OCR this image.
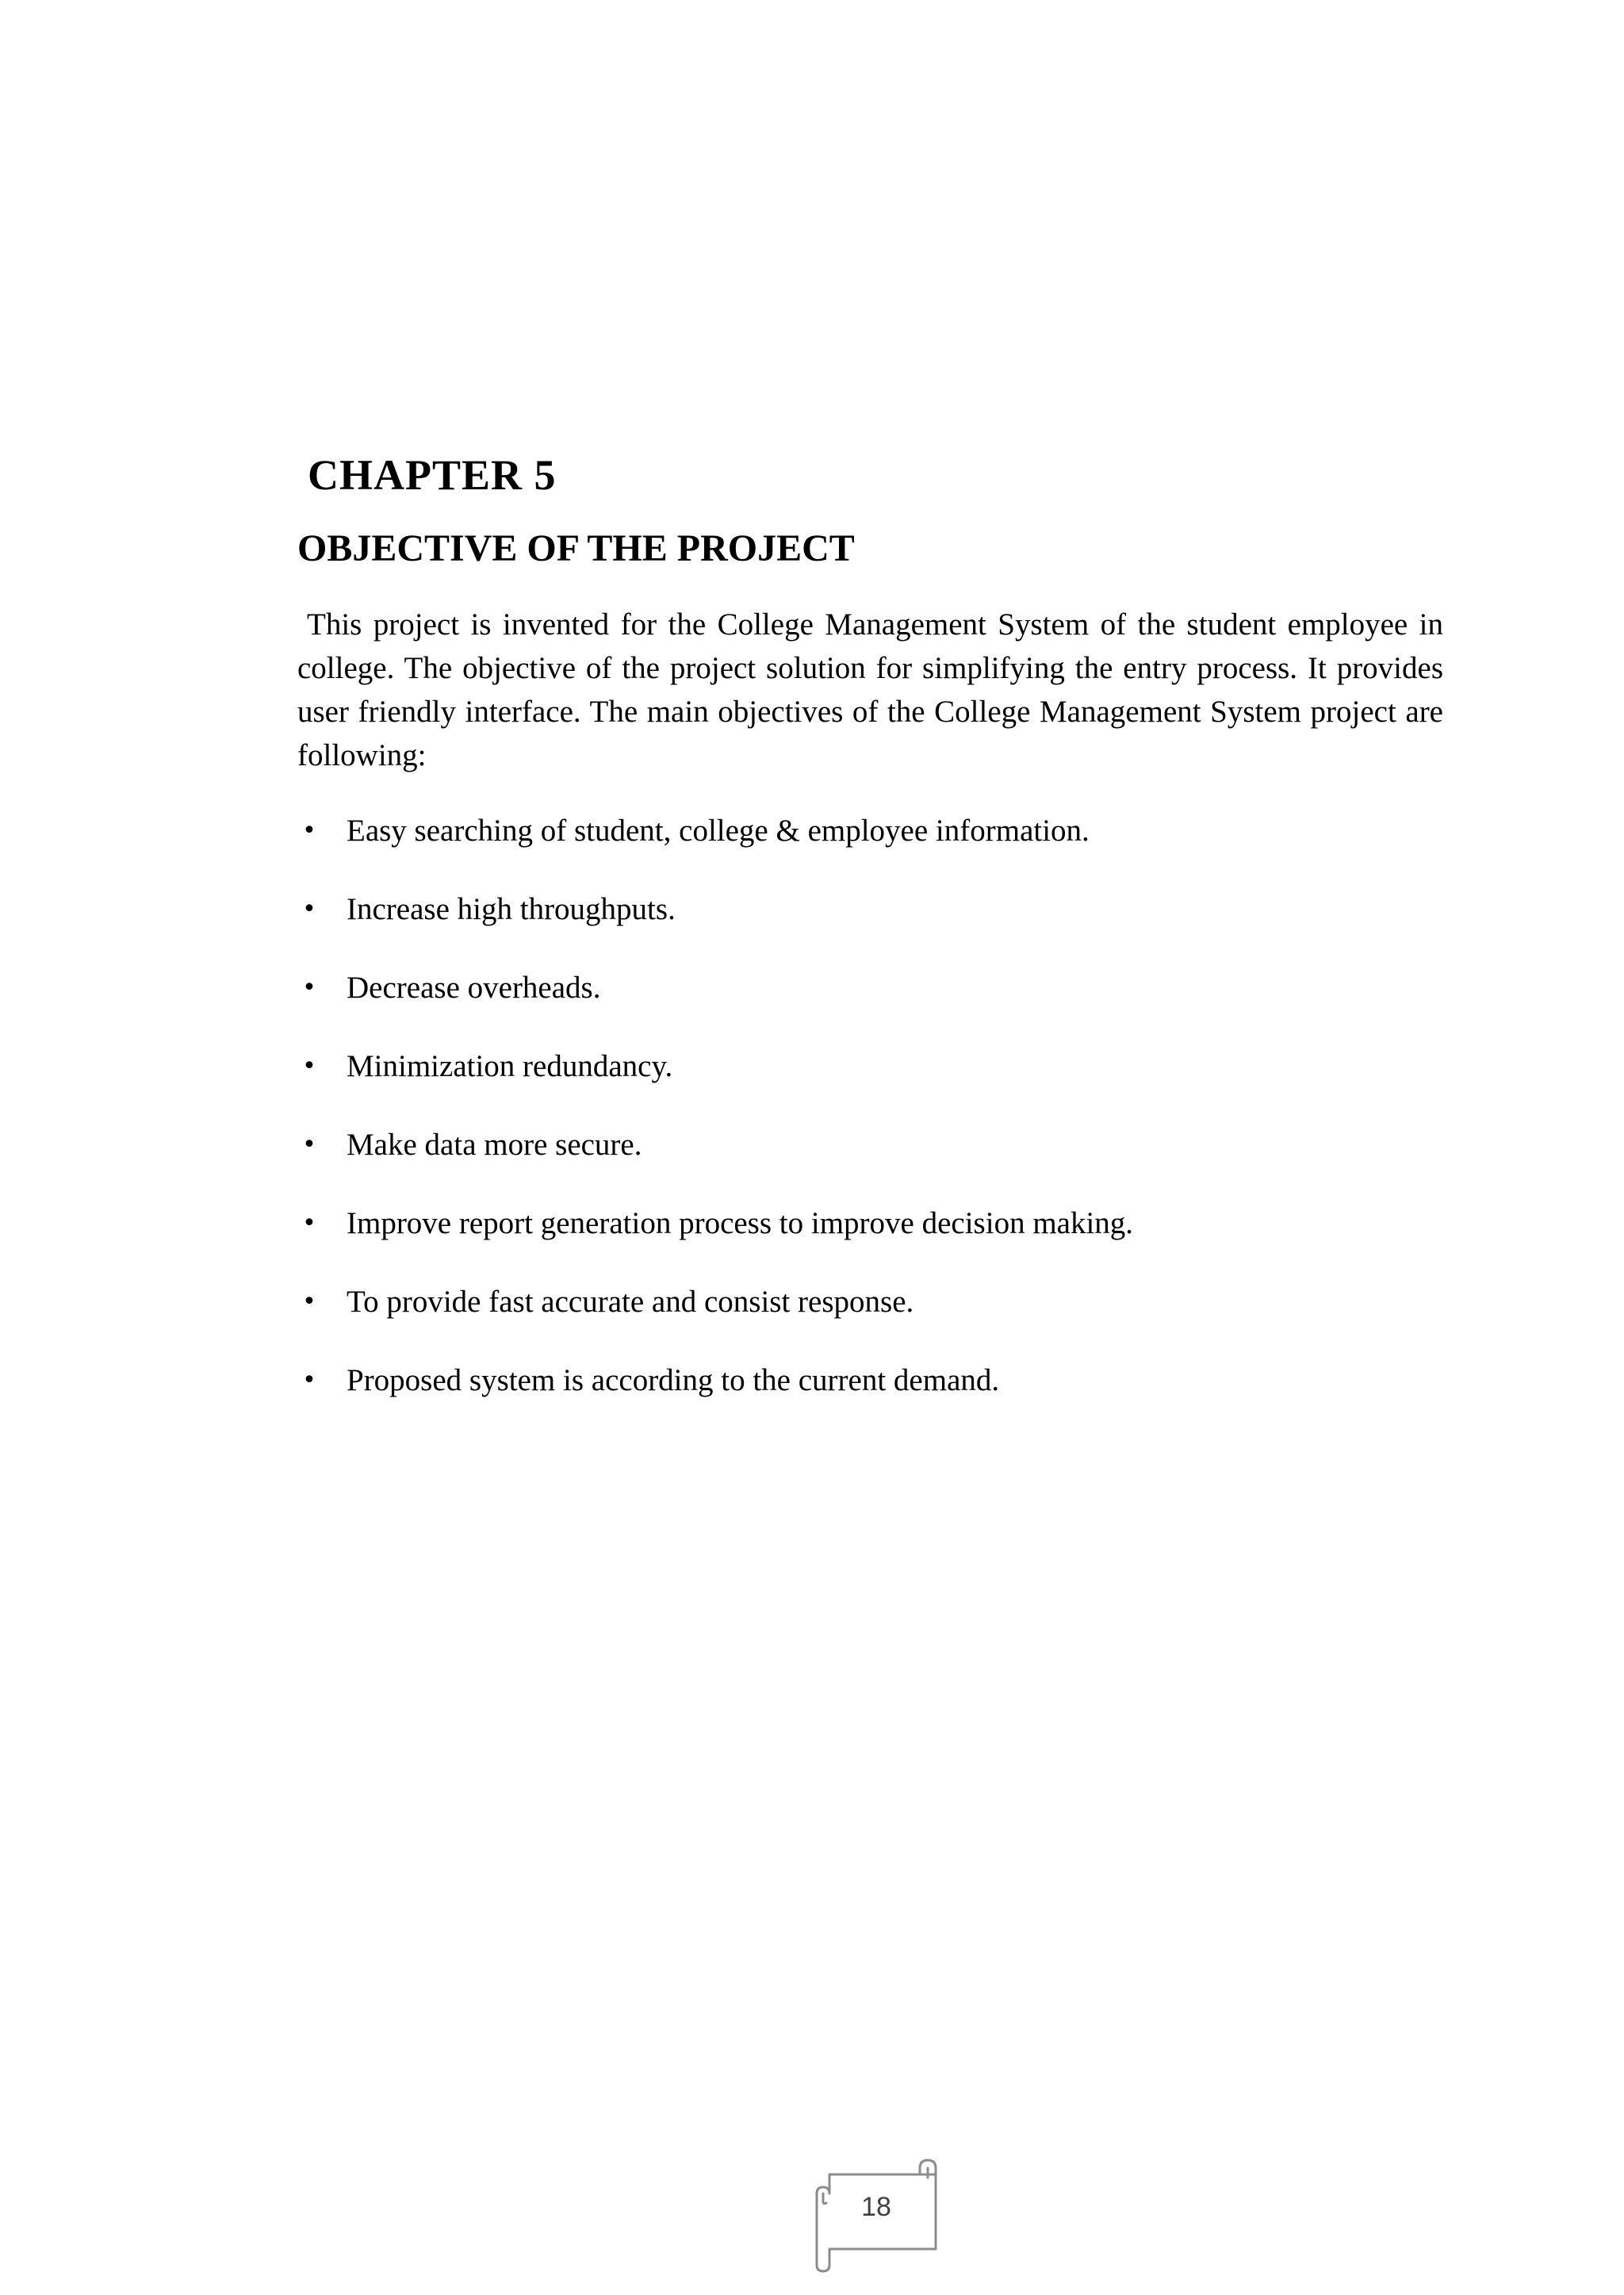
CHAPTER 5
OBJECTIVE OF THE PROJECT

This project is invented for the College Management System of the student employee in college. The objective of the project solution for simplifying the entry process. It provides user friendly interface. The main objectives of the College Management System project are following:

• Easy searching of student, college & employee information.
• Increase high throughputs.
• Decrease overheads.
• Minimization redundancy.
• Make data more secure.
• Improve report generation process to improve decision making.
• To provide fast accurate and consist response.
• Proposed system is according to the current demand.
18
